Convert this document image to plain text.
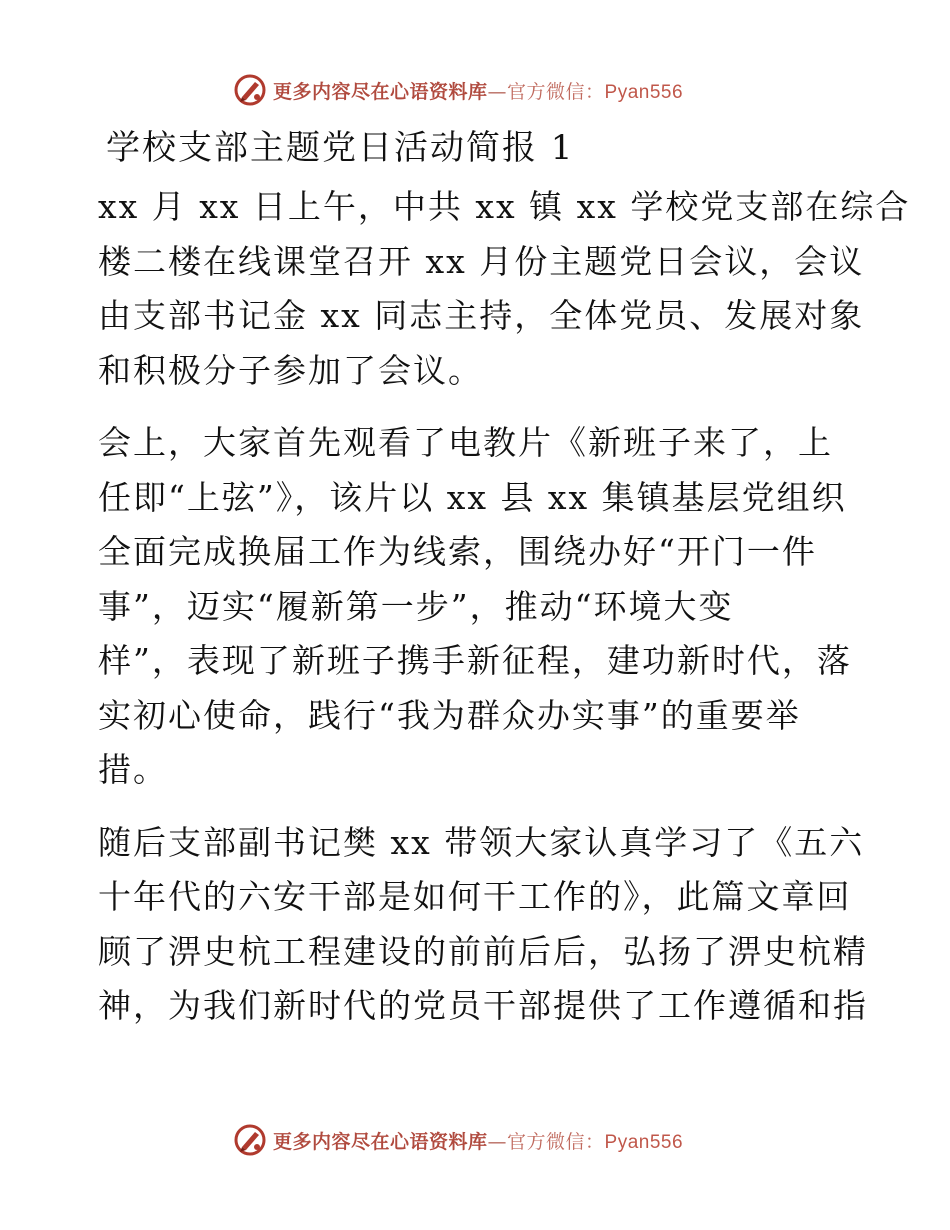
更多内容尽在心语资料库—官方微信：Pyan556
学校支部主题党日活动简报 1

xx 月 xx 日上午，中共 xx 镇 xx 学校党支部在综合
楼二楼在线课堂召开 xx 月份主题党日会议，会议
由支部书记金 xx 同志主持，全体党员、发展对象
和积极分子参加了会议。

会上，大家首先观看了电教片《新班子来了，上
任即“上弦”》，该片以 xx 县 xx 集镇基层党组织
全面完成换届工作为线索，围绕办好“开门一件
事”，迈实“履新第一步”，推动“环境大变
样”，表现了新班子携手新征程，建功新时代，落
实初心使命，践行“我为群众办实事”的重要举
措。

随后支部副书记樊 xx 带领大家认真学习了《五六
十年代的六安干部是如何干工作的》，此篇文章回
顾了淠史杭工程建设的前前后后，弘扬了淠史杭精
神，为我们新时代的党员干部提供了工作遵循和指

更多内容尽在心语资料库—官方微信：Pyan556
